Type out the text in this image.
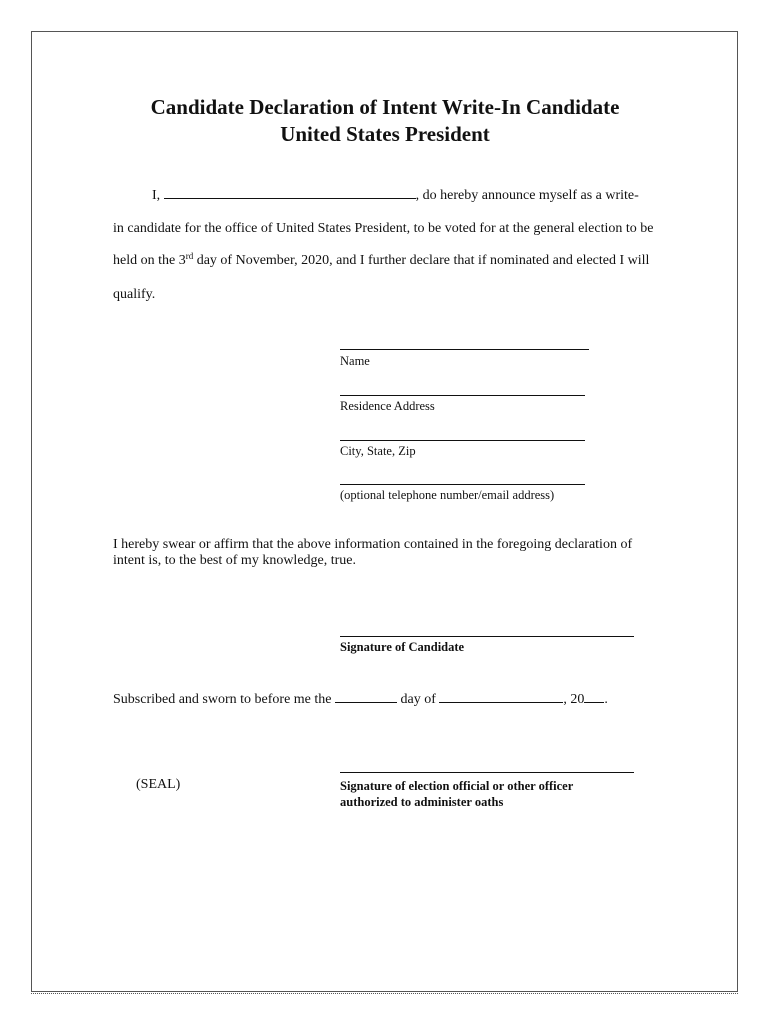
Candidate Declaration of Intent Write-In Candidate
United States President
I,	, do hereby announce myself as a write-
in candidate for the office of United States President, to be voted for at the general election to be
held on the 3rd day of November, 2020, and I further declare that if nominated and elected I will
qualify.
Name
Residence Address
City, State, Zip
(optional telephone number/email address)
I hereby swear or affirm that the above information contained in the foregoing declaration of
intent is, to the best of my knowledge, true.
Signature of Candidate
Subscribed and sworn to before me the	day of	, 20 .
(SEAL)	Signature of election official or other officer
authorized to administer oaths
